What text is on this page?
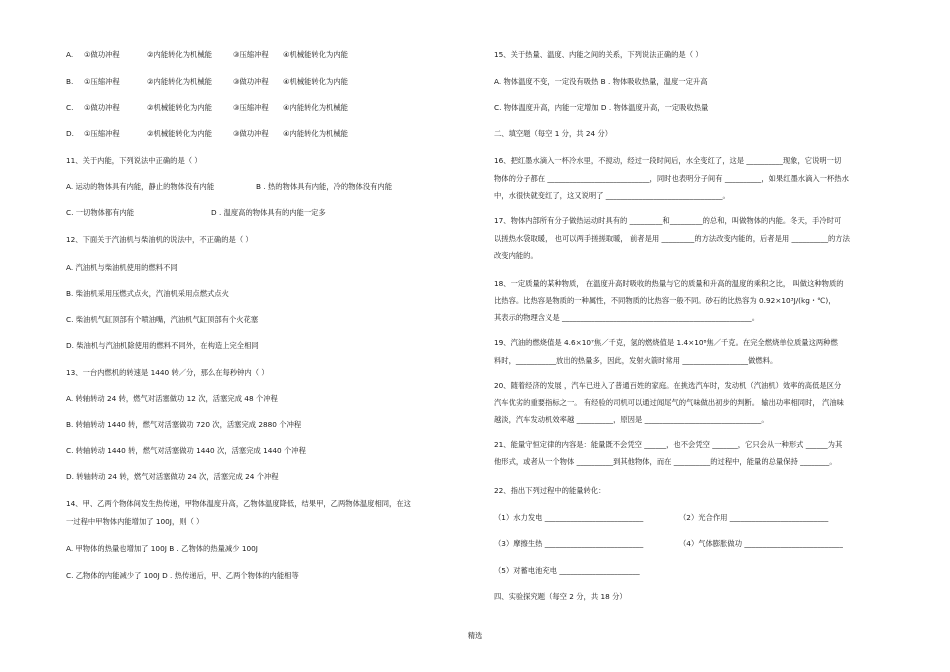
A. ①做功冲程	②内能转化为机械能	③压缩冲程 ④机械能转化为内能
B. ①压缩冲程	②内能转化为机械能	③做功冲程 ④机械能转化为内能
C. ①做功冲程	②机械能转化为内能	③压缩冲程 ④内能转化为机械能
D. ①压缩冲程	②机械能转化为内能	③做功冲程 ④内能转化为机械能
11、关于内能，下列说法中正确的是（ ）
A. 运动的物体具有内能，静止的物体没有内能	B . 热的物体具有内能，冷的物体没有内能
C. 一切物体都有内能	D . 温度高的物体具有的内能一定多
12、下面关于汽油机与柴油机的说法中，不正确的是（ ）
A. 汽油机与柴油机使用的燃料不同
B. 柴油机采用压燃式点火，汽油机采用点燃式点火
C. 柴油机气缸顶部有个喷油嘴，汽油机气缸顶部有个火花塞
D. 柴油机与汽油机除使用的燃料不同外，在构造上完全相同
13、一台内燃机的转速是 1440 转／分，那么在每秒钟内（ ）
A. 转轴转动 24 转，燃气对活塞做功 12 次，活塞完成 48 个冲程
B. 转轴转动 1440 转，燃气对活塞做功 720 次，活塞完成 2880 个冲程
C. 转轴转动 1440 转，燃气对活塞做功 1440 次，活塞完成 1440 个冲程
D. 转轴转动 24 转，燃气对活塞做功 24 次，活塞完成 24 个冲程
14、甲、乙两个物体间发生热传递，甲物体温度升高，乙物体温度降低，结果甲，乙两物体温度相同，在这
一过程中甲物体内能增加了 100J，则（ ）
A. 甲物体的热量也增加了 100J B . 乙物体的热量减少 100J
C. 乙物体的内能减少了 100J D . 热传递后，甲、乙两个物体的内能相等
15、关于热量、温度、内能之间的关系，下列说法正确的是（ ）
A. 物体温度不变，一定没有吸热 B . 物体吸收热量，温度一定升高
C. 物体温度升高，内能一定增加 D . 物体温度升高，一定吸收热量
二、填空题（每空 1 分，共 24 分）
16、把红墨水滴入一杯冷水里，不搅动，经过一段时间后，水全变红了，这是 __________现象，它说明一切
物体的分子都在 ____________________________，同时也表明分子间有 __________，如果红墨水滴入一杯热水
中，水很快就变红了，这又说明了 ________________________________。
17、物体内部所有分子做热运动时具有的 _________和_________的总和，叫做物体的内能。冬天，手冷时可
以搓热水袋取暖， 也可以两手搓搓取暖， 前者是用 _________的方法改变内能的，后者是用 __________的方法
改变内能的。
18、一定质量的某种物质， 在温度升高时吸收的热量与它的质量和升高的温度的乘积之比， 叫做这种物质的
比热容。比热容是物质的一种属性，不同物质的比热容一般不同。砂石的比热容为 0.92×10³J/(kg・℃)，
其表示的物理含义是 ____________________________________________________。
19、汽油的燃烧值是 4.6×10⁷焦／千克，氢的燃烧值是 1.4×10⁸焦／千克。在完全燃烧单位质量这两种燃
料时，___________放出的热量多，因此，发射火箭时常用 __________________做燃料。
20、随着经济的发展 ，汽车已进入了普通百姓的家庭。在挑选汽车时，发动机（汽油机）效率的高低是区分
汽车优劣的重要指标之一。 有经验的司机可以通过闻尾气的气味做出初步的判断。 输出功率相同时， 汽油味
越淡，汽车发动机效率越 __________，原因是 ________________________________。
21、能量守恒定律的内容是：能量既不会凭空 ______，也不会凭空 _______，它只会从一种形式 ______为其
他形式，或者从一个物体 __________到其他物体，而在 __________的过程中，能量的总量保持 ________。
22、指出下列过程中的能量转化：
（1）水力发电 ___________________________	（2）光合作用 ___________________________
（3）摩擦生热 ___________________________	（4）气体膨胀做功 ___________________________
（5）对蓄电池充电 ______________________
四、实验探究题（每空 2 分，共 18 分）
精选
